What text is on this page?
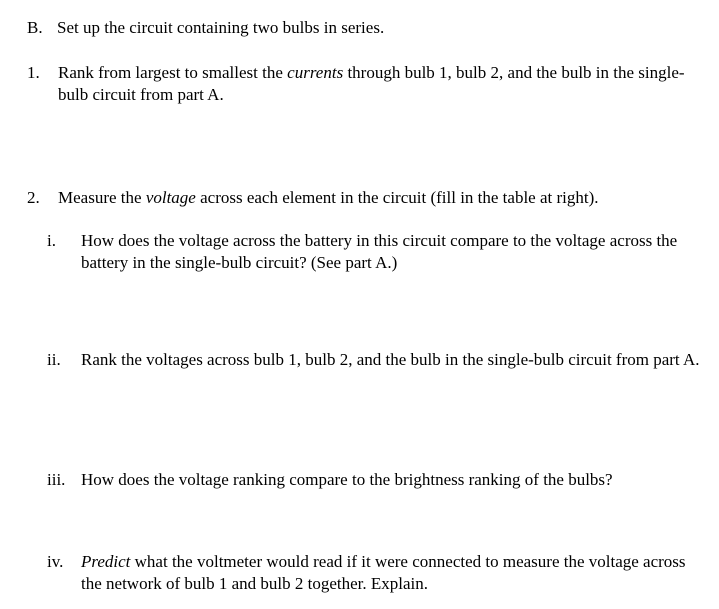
B. Set up the circuit containing two bulbs in series.
1. Rank from largest to smallest the currents through bulb 1, bulb 2, and the bulb in the single-bulb circuit from part A.
2. Measure the voltage across each element in the circuit (fill in the table at right).
i. How does the voltage across the battery in this circuit compare to the voltage across the battery in the single-bulb circuit? (See part A.)
ii. Rank the voltages across bulb 1, bulb 2, and the bulb in the single-bulb circuit from part A.
iii. How does the voltage ranking compare to the brightness ranking of the bulbs?
iv. Predict what the voltmeter would read if it were connected to measure the voltage across the network of bulb 1 and bulb 2 together. Explain.
